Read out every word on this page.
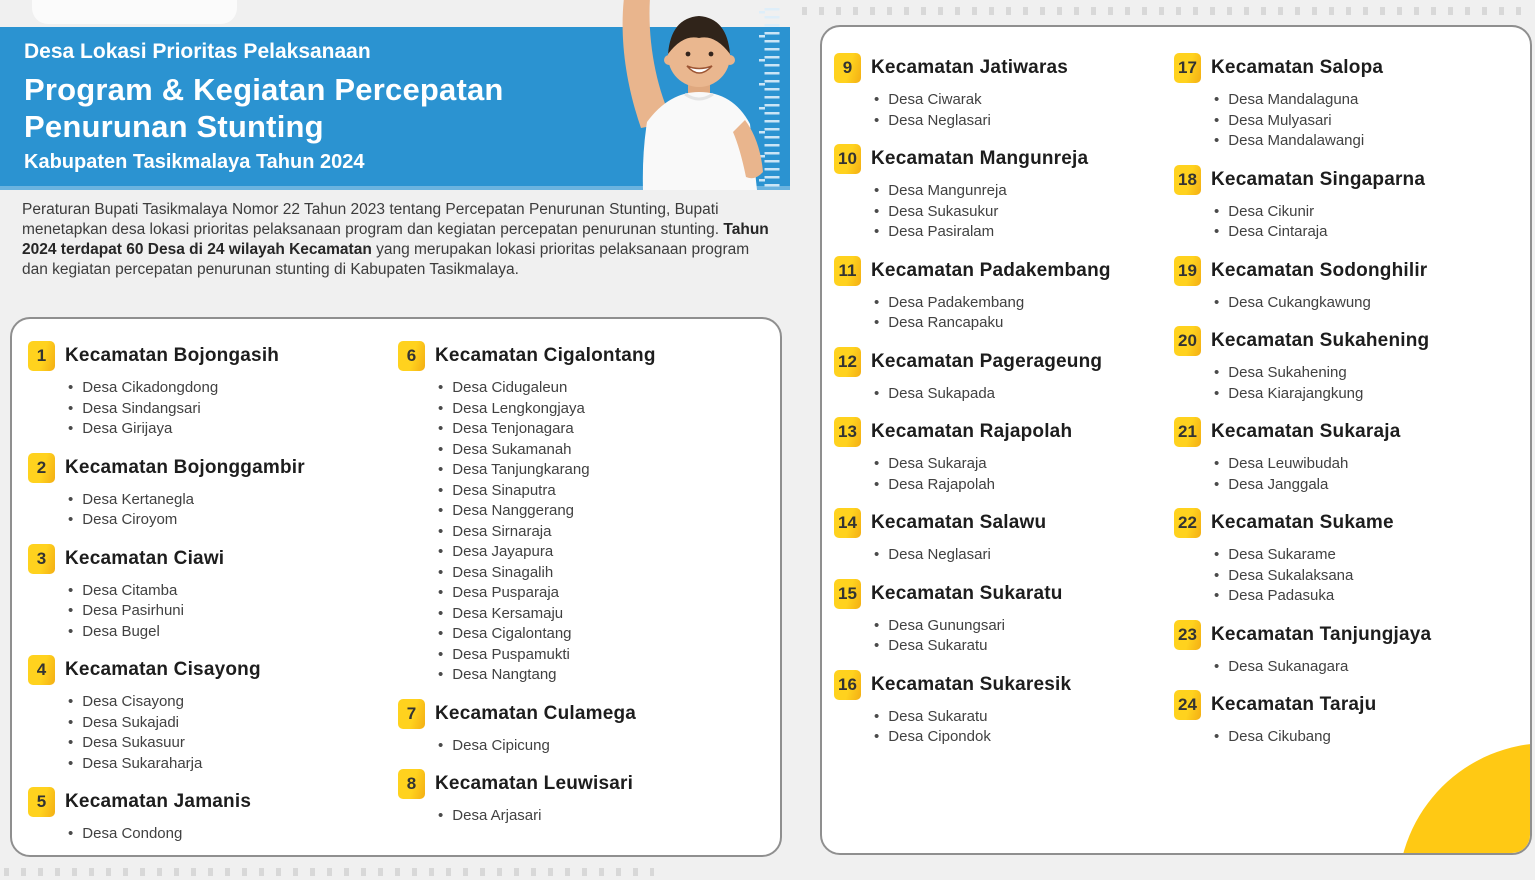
Desa Lokasi Prioritas Pelaksanaan
Program & Kegiatan Percepatan
Penurunan Stunting
Kabupaten Tasikmalaya Tahun 2024

Peraturan Bupati Tasikmalaya Nomor 22 Tahun 2023 tentang Percepatan Penurunan Stunting, Bupati menetapkan desa lokasi prioritas pelaksanaan program dan kegiatan percepatan penurunan stunting. Tahun 2024 terdapat 60 Desa di 24 wilayah Kecamatan yang merupakan lokasi prioritas pelaksanaan program dan kegiatan percepatan penurunan stunting di Kabupaten Tasikmalaya.

1 Kecamatan Bojongasih
• Desa Cikadongdong
• Desa Sindangsari
• Desa Girijaya
2 Kecamatan Bojonggambir
• Desa Kertanegla
• Desa Ciroyom
3 Kecamatan Ciawi
• Desa Citamba
• Desa Pasirhuni
• Desa Bugel
4 Kecamatan Cisayong
• Desa Cisayong
• Desa Sukajadi
• Desa Sukasuur
• Desa Sukaraharja
5 Kecamatan Jamanis
• Desa Condong
6 Kecamatan Cigalontang
• Desa Cidugaleun
• Desa Lengkongjaya
• Desa Tenjonagara
• Desa Sukamanah
• Desa Tanjungkarang
• Desa Sinaputra
• Desa Nanggerang
• Desa Sirnaraja
• Desa Jayapura
• Desa Sinagalih
• Desa Pusparaja
• Desa Kersamaju
• Desa Cigalontang
• Desa Puspamukti
• Desa Nangtang
7 Kecamatan Culamega
• Desa Cipicung
8 Kecamatan Leuwisari
• Desa Arjasari
9 Kecamatan Jatiwaras
• Desa Ciwarak
• Desa Neglasari
10 Kecamatan Mangunreja
• Desa Mangunreja
• Desa Sukasukur
• Desa Pasiralam
11 Kecamatan Padakembang
• Desa Padakembang
• Desa Rancapaku
12 Kecamatan Pagerageung
• Desa Sukapada
13 Kecamatan Rajapolah
• Desa Sukaraja
• Desa Rajapolah
14 Kecamatan Salawu
• Desa Neglasari
15 Kecamatan Sukaratu
• Desa Gunungsari
• Desa Sukaratu
16 Kecamatan Sukaresik
• Desa Sukaratu
• Desa Cipondok
17 Kecamatan Salopa
• Desa Mandalaguna
• Desa Mulyasari
• Desa Mandalawangi
18 Kecamatan Singaparna
• Desa Cikunir
• Desa Cintaraja
19 Kecamatan Sodonghilir
• Desa Cukangkawung
20 Kecamatan Sukahening
• Desa Sukahening
• Desa Kiarajangkung
21 Kecamatan Sukaraja
• Desa Leuwibudah
• Desa Janggala
22 Kecamatan Sukame
• Desa Sukarame
• Desa Sukalaksana
• Desa Padasuka
23 Kecamatan Tanjungjaya
• Desa Sukanagara
24 Kecamatan Taraju
• Desa Cikubang
